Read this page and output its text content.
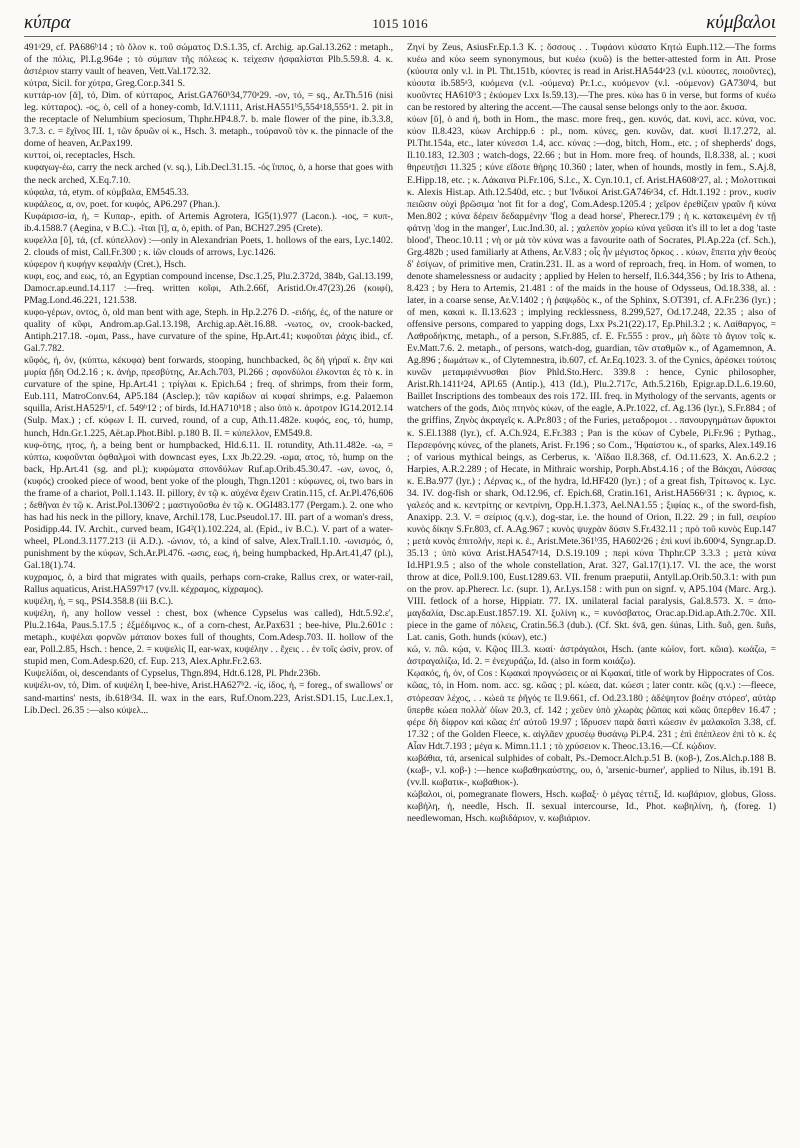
κύπρα	1015 1016	κύμβαλοι

491ᵃ29, cf. PA686ᵇ14 ; τὸ ὅλον κ. τοῦ σώματος D.S.1.35, cf. Archig. ap.Gal.13.262 : metaph., of the πόλις, Pl.Lg.964e ; τὸ σύμπαν τῆς πόλεως κ. τείχεσιν ἠσφαλίσται Plb.5.59.8. 4. κ. ἀστέριον starry vault of heaven, Vett.Val.172.32.

κύτρα, Sicil. for χύτρα, Greg.Cor.p.341 S.

κυττάρ-ιον [ᾰ], τό, Dim. of κύτταρος, Arist.GA760ᵇ34,770ᵃ29. -ον, τό, = sq., Ar.Th.516 (nisi leg. κύτταρος). -ος, ὁ, cell of a honey-comb, Id.V.1111, Arist.HA551ᵇ5,554ᵃ18,555ᵃ1. 2. pit in the receptacle of Nelumbium speciosum, Thphr.HP4.8.7. b. male flower of the pine, ib.3.3.8, 3.7.3. c. = ἔχῖνος III. 1, τῶν δρυῶν οἱ κ., Hsch. 3. metaph., τούρανοῦ τὸν κ. the pinnacle of the dome of heaven, Ar.Pax199.

κυττοί, οἱ, receptacles, Hsch.

κυφαγωγ-έω, carry the neck arched (v. sq.), Lib.Decl.31.15. -ός ἵππος, ὁ, a horse that goes with the neck arched, X.Eq.7.10.

κύφαλα, τά, etym. of κύμβαλα, EM545.33.

κυφάλεος, α, ον, poet. for κυφός, AP6.297 (Phan.).

Κυφάρισσ-ία, ἡ, = Κυπαρ-, epith. of Artemis Agrotera, IG5(1).977 (Lacon.). -ιος, = κυπ-, ib.4.1588.7 (Aegina, v B.C.). -ῖται [ῑ], α, ὁ, epith. of Pan, BCH27.295 (Crete).

κυφελλα [ῠ], τά, (cf. κύπελλον) :—only in Alexandrian Poets, 1. hollows of the ears, Lyc.1402. 2. clouds of mist, Call.Fr.300 ; κ. ἰῶν clouds of arrows, Lyc.1426.

κύφερον ἡ κυφήγν κεφαλήν (Cret.), Hsch.

κυφι, εος, and εως, τό, an Egyptian compound incense, Dsc.1.25, Plu.2.372d, 384b, Gal.13.199, Damocr.ap.eund.14.117 :—freq. written κοῖφι, Ath.2.66f, Aristid.Or.47(23).26 (κοιφί), PMag.Lond.46.221, 121.538.

κυφο-γέρων, οντος, ὁ, old man bent with age, Steph. in Hp.2.276 D. -ειδής, ές, of the nature or quality of κῦφι, Androm.ap.Gal.13.198, Archig.ap.Aët.16.88. -νωτος, ον, crook-backed, Antiph.217.18. -ομαι, Pass., have curvature of the spine, Hp.Art.41; κυφοῦται ῥάχις ibid., cf. Gal.7.782.

κῦφός, ή, όν, (κύπτω, κέκυφα) bent forwards, stooping, hunchbacked, ὃς δὴ γήραϊ κ. ἔην καὶ μυρία ᾔδη Od.2.16 ; κ. ἀνήρ, πρεσβύτης, Ar.Ach.703, Pl.266 ; σφονδύλοι ἐλκονται ἐς τὸ κ. in curvature of the spine, Hp.Art.41 ; τρίγλαι κ. Epich.64 ; freq. of shrimps, from their form, Eub.111, MatroConv.64, AP5.184 (Asclep.); τῶν καρίδων αἱ κυφαί shrimps, e.g. Palaemon squilla, Arist.HA525ᵇ1, cf. 549ᵇ12 ; of birds, Id.HA710ᵇ18 ; also ὑπὸ κ. ἀροτρον IG14.2012.14 (Sulp. Max.) ; cf. κύφων I. II. curved, round, of a cup, Ath.11.482e. κυφός, εος, τό, hump, hunch, Hdn.Gr.1.225, Aët.ap.Phot.Bibl. p.180 B. II. = κύπελλον, EM549.8.

κυφ-ότης, ητος, ἡ, a being bent or humpbacked, Hld.6.11. II. rotundity, Ath.11.482e. -ω, = κύπτω, κυφοῦνται ὀφθαλμοὶ with downcast eyes, Lxx Jb.22.29. -ωμα, ατος, τό, hump on the back, Hp.Art.41 (sg. and pl.); κυφώματα σπονδύλων Ruf.ap.Orib.45.30.47. -ων, ωνος, ὁ, (κυφός) crooked piece of wood, bent yoke of the plough, Thgn.1201 : κύφωνες, οἱ, two bars in the frame of a chariot, Poll.1.143. II. pillory, ἐν τῷ κ. αὐχένα ἔχειν Cratin.115, cf. Ar.Pl.476,606 ; δεθῆναι ἐν τῷ κ. Arist.Pol.1306ᵇ2 ; μαστιγοῦσθω ἐν τῷ κ. OGI483.177 (Pergam.). 2. one who has had his neck in the pillory, knave, Archil.178, Luc.Pseudol.17. III. part of a woman's dress, Posidipp.44. IV. Archit., curved beam, IG4²(1).102.224, al. (Epid., iv B.C.). V. part of a water-wheel, PLond.3.1177.213 (ii A.D.). -ώνιον, τό, a kind of salve, Alex.Trall.1.10. -ωνισμός, ὁ, punishment by the κύφων, Sch.Ar.Pl.476. -ωσις, εως, ἡ, being humpbacked, Hp.Art.41,47 (pl.), Gal.18(1).74.

κυχραμος, ὁ, a bird that migrates with quails, perhaps corn-crake, Rallus crex, or water-rail, Rallus aquaticus, Arist.HA597ᵇ17 (vv.ll. κέχραμος, κίχραμος).

κυψέλη, ἡ, = sq., PSI4.358.8 (iii B.C.).

κυψέλη, ἡ, any hollow vessel : chest, box (whence Cypselus was called), Hdt.5.92.ε', Plu.2.164a, Paus.5.17.5 ; ἐξμέδιμνος κ., of a corn-chest, Ar.Pax631 ; bee-hive, Plu.2.601c : metaph., κυψέλαι φορνῶν μάταιον boxes full of thoughts, Com.Adesp.703. II. hollow of the ear, Poll.2.85, Hsch. : hence, 2. = κυψελὶς II, ear-wax, κυψέλην . . ἔχεις . . ἐν τοῖς ὠσίν, prov. of stupid men, Com.Adesp.620, cf. Eup. 213, Alex.Aphr.Fr.2.63.

Κυψελίδαι, οἱ, descendants of Cypselus, Thgn.894, Hdt.6.128, Pl. Phdr.236b.

κυψέλι-ον, τό, Dim. of κυψέλη I, bee-hive, Arist.HA627ᵇ2. -ίς, ίδος, ἡ, = foreg., of swallows' or sand-martins' nests, ib.618ᵃ34. II. wax in the ears, Ruf.Onom.223, Arist.SD1.15, Luc.Lex.1, Lib.Decl. 26.35 :—also κύψελ...

Ζηνί by Zeus, AsiusFr.Ep.1.3 K. ; ὅσσους . . Τυφάονι κύσατο Κητώ Euph.112.—The forms κυέω and κύω seem synonymous, but κυέω (κυῶ) is the better-attested form in Att. Prose (κύουτα only v.l. in Pl. Tht.151b, κύοντες is read in Arist.HA544ᵃ23 (v.l. κύουτες, ποιοῦντες), κύουτα ib.585ᵃ3, κυόμενα (v.l. -ούμενα) Pr.1.c., κυόμενον (v.l. -ούμενον) GA730ᵇ4, but κυοῦντες HA610ᵇ3 ; ἐκύομεν Lxx Is.59.13).—The pres. κύω has ῡ in verse, but forms of κυέω can be restored by altering the accent.—The causal sense belongs only to the aor. ἔκυσα.

κύων [ῠ], ὁ and ἡ, both in Hom., the masc. more freq., gen. κυνός, dat. κυνί, acc. κύνα, voc. κύον Il.8.423, κύων Archipp.6 : pl., nom. κύνες, gen. κυνῶν, dat. κυσί Il.17.272, al. Pl.Tht.154a, etc., later κύνεσσι 1.4, acc. κύνας :—dog, bitch, Hom., etc. ; of shepherds' dogs, Il.10.183, 12.303 ; watch-dogs, 22.66 ; but in Hom. more freq. of hounds, Il.8.338, al. ; κυσὶ θηρευτῇσι 11.325 ; κύνε εἴδοτε θήρης 10.360 ; later, when of hounds, mostly in fem., S.Aj.8, E.Hipp.18, etc. ; κ. Λάκαινα Pi.Fr.106, S.l.c., X. Cyn.10.1, cf. Arist.HA608ᵃ27, al. ; Μολοττικαὶ κ. Alexis Hist.ap. Ath.12.540d, etc. ; but Ἰνδικοί Arist.GA746ᵃ34, cf. Hdt.1.192 : prov., κυσὶν πειῶσιν οὐχὶ βρῶσιμα 'not fit for a dog', Com.Adesp.1205.4 ; χεῖρον ἐρεθίζειν γραῦν ἢ κύνα Men.802 ; κύνα δέρειν δεδαρμένην 'flog a dead horse', Pherecr.179 ; ἡ κ. κατακειμένη ἐν τῇ φάτνῃ 'dog in the manger', Luc.Ind.30, al. ; χαλεπὸν χορίω κύνα γεῦσαι it's ill to let a dog 'taste blood', Theoc.10.11 ; νὴ or μὰ τὸν κύνα was a favourite oath of Socrates, Pl.Ap.22a (cf. Sch.), Grg.482b ; used familiarly at Athens, Ar.V.83 ; οἷς ἦν μέγιστος ὅρκος . . κύων, ἔπειτα χὴν θεοὺς δ' ἐσίγων, of primitive men, Cratin.231. II. as a word of reproach, freq. in Hom. of women, to denote shamelessness or audacity ; applied by Helen to herself, Il.6.344,356 ; by Iris to Athena, 8.423 ; by Hera to Artemis, 21.481 : of the maids in the house of Odysseus, Od.18.338, al. : later, in a coarse sense, Ar.V.1402 ; ἡ ῥαψῳδὸς κ., of the Sphinx, S.OT391, cf. A.Fr.236 (lyr.) ; of men, κακαὶ κ. Il.13.623 ; implying recklessness, 8.299,527, Od.17.248, 22.35 ; also of offensive persons, compared to yapping dogs, Lxx Ps.21(22).17, Ep.Phil.3.2 ; κ. Λαίθαργος, = Λαθροδήκτης, metaph., of a person, S.Fr.885, cf. E. Fr.555 : prov., μὴ δῶτε τὸ ἅγιον τοῖς κ. Ev.Matt.7.6. 2. metaph., of persons, watch-dog, guardian, τῶν σταθμῶν κ., of Agamemnon, A. Ag.896 ; δωμάτων κ., of Clytemnestra, ib.607, cf. Ar.Eq.1023. 3. of the Cynics, ἀρέσκει τούτοις κυνῶν μεταμφιέννυσθαι βίον Phld.Sto.Herc. 339.8 : hence, Cynic philosopher, Arist.Rh.1411ᵃ24, APl.65 (Antip.), 413 (Id.), Plu.2.717c, Ath.5.216b, Epigr.ap.D.L.6.19.60, Baillet Inscriptions des tombeaux des rois 172. III. freq. in Mythology of the servants, agents or watchers of the gods, Διὸς πτηνὸς κύων, of the eagle, A.Pr.1022, cf. Ag.136 (lyr.), S.Fr.884 ; of the griffins, Ζηνὸς ἀκραγεῖς κ. A.Pr.803 ; of the Furies, μεταδρομοι . . πανουργημάτων ἄφυκτοι κ. S.El.1388 (lyr.), cf. A.Ch.924, E.Fr.383 ; Pan is the κύων of Cybele, Pi.Fr.96 ; Pythag., Περσεφόνης κύνες, of the planets, Arist. Fr.196 ; so Com., 'Ηφαίστου κ., of sparks, Alex.149.16 ; of various mythical beings, as Cerberus, κ. 'Αΐδαο Il.8.368, cf. Od.11.623, X. An.6.2.2 ; Harpies, A.R.2.289 ; of Hecate, in Mithraic worship, Porph.Abst.4.16 ; of the Βάκχαι, Λύσσας κ. E.Ba.977 (lyr.) ; Λέρνας κ., of the hydra, Id.HF420 (lyr.) ; of a great fish, Τρίτωνος κ. Lyc. 34. IV. dog-fish or shark, Od.12.96, cf. Epich.68, Cratin.161, Arist.HA566ᵃ31 ; κ. ἄγριος, κ. γαλεός and κ. κεντρίτης or κεντρίνη, Opp.H.1.373, Ael.NA1.55 ; ξιφίας κ., of the sword-fish, Anaxipp. 2.3. V. = σείριος (q.v.), dog-star, i.e. the hound of Orion, Il.22. 29 ; in full, σειρίου κυνὸς δίκην S.Fr.803, cf. A.Ag.967 ; κυνὸς ψυχρὰν δύσιν S.Fr.432.11 ; πρὸ τοῦ κυνὸς Eup.147 ; μετὰ κυνὸς ἐπιτολήν, περὶ κ. ἐ., Arist.Mete.361ᵇ35, HA602ᵃ26 ; ἐπὶ κυνί ib.600ᵃ4, Syngr.ap.D. 35.13 ; ὑπὸ κύνα Arist.HA547ᵃ14, D.S.19.109 ; περὶ κύνα Thphr.CP 3.3.3 ; μετὰ κύνα Id.HP1.9.5 ; also of the whole constellation, Arat. 327, Gal.17(1).17. VI. the ace, the worst throw at dice, Poll.9.100, Eust.1289.63. VII. frenum praeputii, Antyll.ap.Orib.50.3.1: with pun on the prov. ap.Pherecr. l.c. (supr. 1), Ar.Lys.158 : with pun on signf. v, AP5.104 (Marc. Arg.). VIII. fetlock of a horse, Hippiatr. 77. IX. unilateral facial paralysis, Gal.8.573. X. = ἀπο-μαγδαλία, Dsc.ap.Eust.1857.19. XI. ξυλίνη κ., = κυνόσβατος, Orac.ap.Did.ap.Ath.2.70c. XII. piece in the game of πόλεις, Cratin.56.3 (dub.). (Cf. Skt. śvā, gen. śúnas, Lith. šuõ, gen. šuñs, Lat. canis, Goth. hunds (κύων), etc.)

κώ, v. πῶ. κῴα, v. Κῷος III.3. κωαί· ἀστράγαλοι, Hsch. (ante κώϊον, fort. κῶια). κωάζω, = ἀστραγαλίζω, Id. 2. = ἐνεχυράζω, Id. (also in form κοιάζω).

Κῳακός, ή, όν, of Cos : Κῳακαὶ προγνώσεις or αἱ Κῳακαί, title of work by Hippocrates of Cos.

κῶας, τό, in Hom. nom. acc. sg. κῶας ; pl. κώεα, dat. κώεσι ; later contr. κῶς (q.v.) :—fleece, στόρεσαν λέχος, . . κώεά τε ῥῆγός τε Il.9.661, cf. Od.23.180 ; ἀδέψητον βοέην στόρεσ', αὐτὰρ ὕπερθε κώεα πολλὰ' ὀΐων 20.3, cf. 142 ; χεῦεν ὑπὸ χλωρὰς ῥῶπας καὶ κῶας ὕπερθεν 16.47 ; φέρε δὴ δίφρον καὶ κῶας ἐπ' αὐτοῦ 19.97 ; ἵδρυσεν παρὰ δαιτὶ κώεσιν ἐν μαλακοῖσι 3.38, cf. 17.32 ; of the Golden Fleece, κ. αἰγλᾶεν χρυσέῳ θυσάνῳ Pi.P.4. 231 ; ἐπὶ ἐπέπλεον ἐπὶ τὸ κ. ἐς Αἶαν Hdt.7.193 ; μέγα κ. Mimn.11.1 ; τὸ χρύσειον κ. Theoc.13.16.—Cf. κῴδιον.

κωβάθια, τά, arsenical sulphides of cobalt, Ps.-Democr.Alch.p.51 B. (κοβ-), Zos.Alch.p.188 B. (κωβ-, v.l. κοβ-) :—hence κωβαθηκαύστης, ου, ὁ, 'arsenic-burner', applied to Nilus, ib.191 B. (vv.ll. κωβατικ-, κωβαθιοκ-).

κώβαλοι, οἱ, pomegranate flowers, Hsch. κωβαξ· ὁ μέγας τέττιξ, Id. κωβάριον, globus, Gloss. κωβήλη, ἡ, needle, Hsch. II. sexual intercourse, Id., Phot. κωβηλίνη, ἡ, (foreg. 1) needlewoman, Hsch. κωβιδάριον, v. κωβιάριον.
